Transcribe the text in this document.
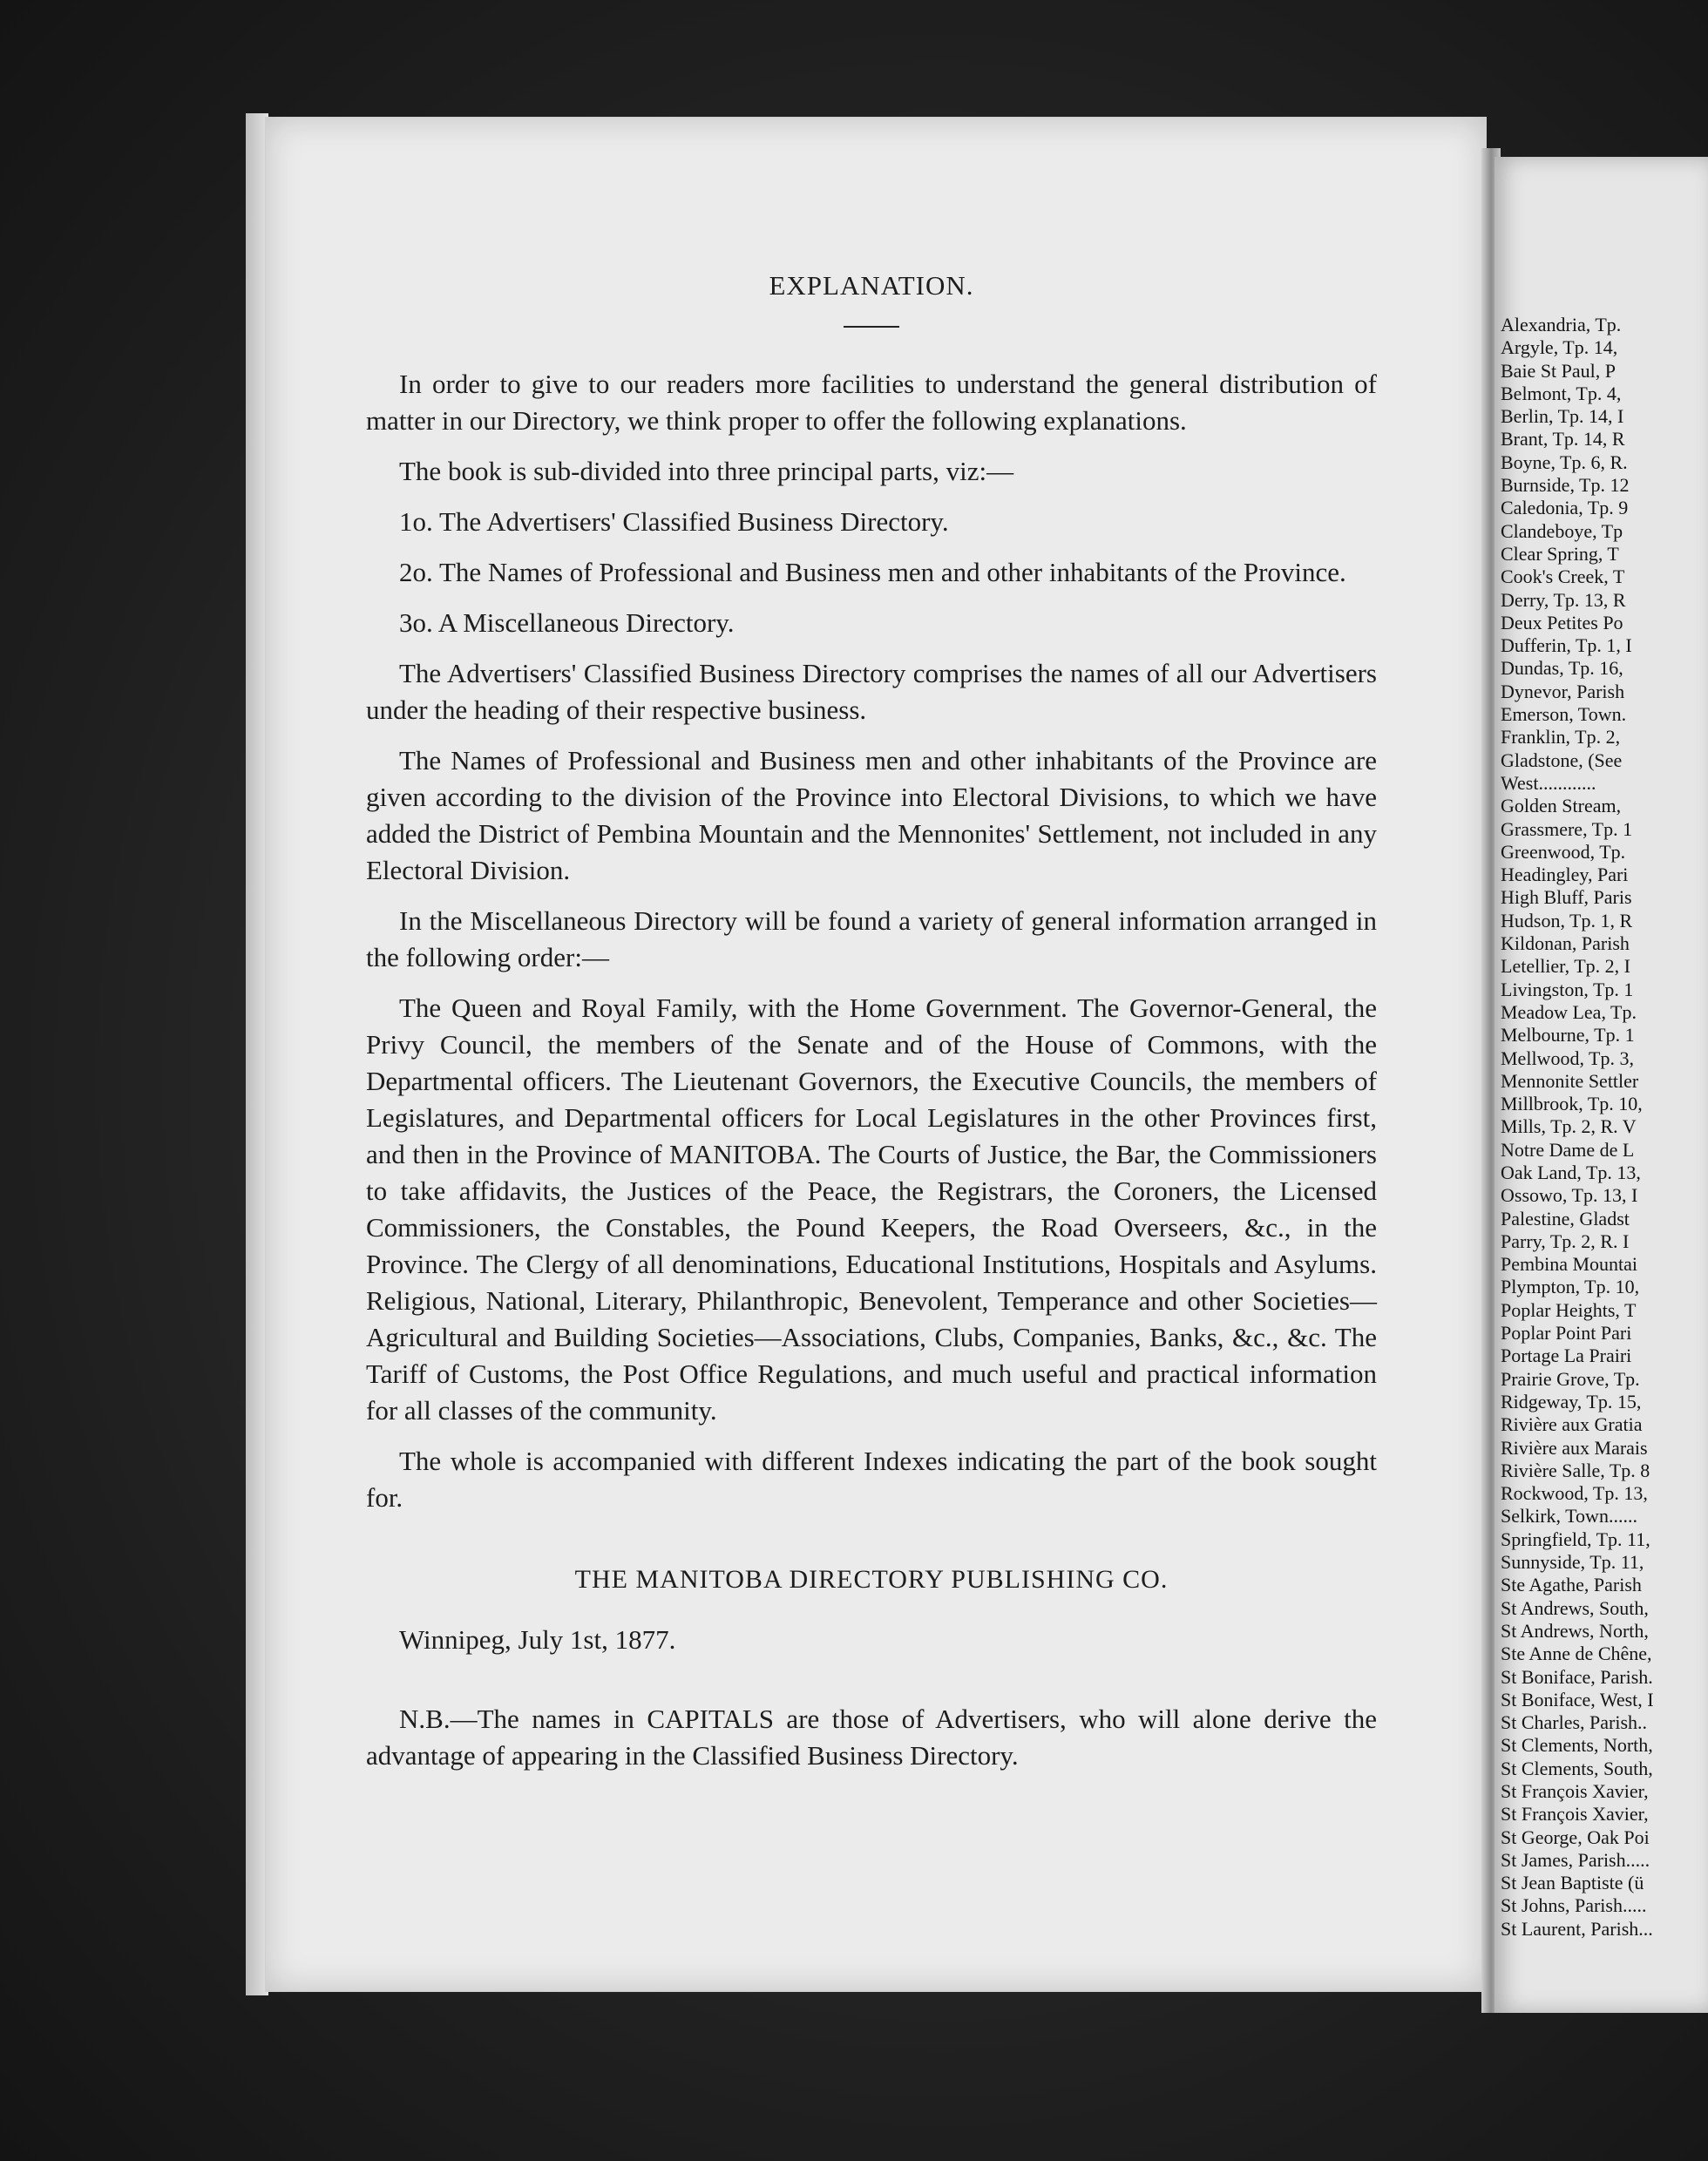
EXPLANATION.

In order to give to our readers more facilities to understand the general distribution of matter in our Directory, we think proper to offer the following explanations.

The book is sub-divided into three principal parts, viz:—

1o. The Advertisers' Classified Business Directory.

2o. The Names of Professional and Business men and other inhabitants of the Province.

3o. A Miscellaneous Directory.

The Advertisers' Classified Business Directory comprises the names of all our Advertisers under the heading of their respective business.

The Names of Professional and Business men and other inhabitants of the Province are given according to the division of the Province into Electoral Divisions, to which we have added the District of Pembina Mountain and the Mennonites' Settlement, not included in any Electoral Division.

In the Miscellaneous Directory will be found a variety of general information arranged in the following order:—

The Queen and Royal Family, with the Home Government. The Governor-General, the Privy Council, the members of the Senate and of the House of Commons, with the Departmental officers. The Lieutenant Governors, the Executive Councils, the members of Legislatures, and Departmental officers for Local Legislatures in the other Provinces first, and then in the Province of MANITOBA. The Courts of Justice, the Bar, the Commissioners to take affidavits, the Justices of the Peace, the Registrars, the Coroners, the Licensed Commissioners, the Constables, the Pound Keepers, the Road Overseers, &c., in the Province. The Clergy of all denominations, Educational Institutions, Hospitals and Asylums. Religious, National, Literary, Philanthropic, Benevolent, Temperance and other Societies—Agricultural and Building Societies—Associations, Clubs, Companies, Banks, &c., &c. The Tariff of Customs, the Post Office Regulations, and much useful and practical information for all classes of the community.

The whole is accompanied with different Indexes indicating the part of the book sought for.

THE MANITOBA DIRECTORY PUBLISHING CO.
Winnipeg, July 1st, 1877.

N.B.—The names in CAPITALS are those of Advertisers, who will alone derive the advantage of appearing in the Classified Business Directory.

Alexandria, Tp.
Argyle, Tp. 14,
Baie St Paul, P
Belmont, Tp. 4,
Berlin, Tp. 14, I
Brant, Tp. 14, R
Boyne, Tp. 6, R.
Burnside, Tp. 12
Caledonia, Tp. 9
Clandeboye, Tp
Clear Spring, T
Cook's Creek, T
Derry, Tp. 13, R
Deux Petites Po
Dufferin, Tp. 1, I
Dundas, Tp. 16,
Dynevor, Parish
Emerson, Town.
Franklin, Tp. 2,
Gladstone, (See
West............
Golden Stream,
Grassmere, Tp. 1
Greenwood, Tp.
Headingley, Pari
High Bluff, Paris
Hudson, Tp. 1, R
Kildonan, Parish
Letellier, Tp. 2, I
Livingston, Tp. 1
Meadow Lea, Tp.
Melbourne, Tp. 1
Mellwood, Tp. 3,
Mennonite Settler
Millbrook, Tp. 10,
Mills, Tp. 2, R. V
Notre Dame de L
Oak Land, Tp. 13,
Ossowo, Tp. 13, I
Palestine, Gladst
Parry, Tp. 2, R. I
Pembina Mountai
Plympton, Tp. 10,
Poplar Heights, T
Poplar Point Pari
Portage La Prairi
Prairie Grove, Tp.
Ridgeway, Tp. 15,
Rivière aux Gratia
Rivière aux Marais
Rivière Salle, Tp. 8
Rockwood, Tp. 13,
Selkirk, Town......
Springfield, Tp. 11,
Sunnyside, Tp. 11,
Ste Agathe, Parish
St Andrews, South,
St Andrews, North,
Ste Anne de Chêne,
St Boniface, Parish.
St Boniface, West, I
St Charles, Parish..
St Clements, North,
St Clements, South,
St François Xavier,
St François Xavier,
St George, Oak Poi
St James, Parish.....
St Jean Baptiste (ü
St Johns, Parish.....
St Laurent, Parish...
